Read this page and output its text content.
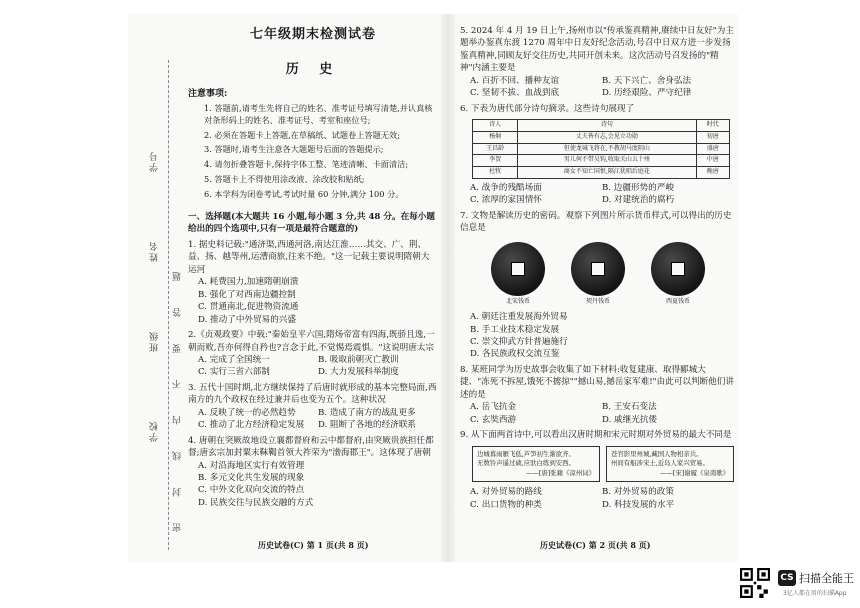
学号
姓名
班级
学校 密 封 线 内 不 要 答 题
七年级期末检测试卷
历 史
注意事项:
1. 答题前,请考生先将自己的姓名、准考证号填写清楚,并认真核对条形码上的姓名、准考证号、考室和座位号;
2. 必须在答题卡上答题,在草稿纸、试题卷上答题无效;
3. 答题时,请考生注意各大题题号后面的答题提示;
4. 请勿折叠答题卡,保持字体工整、笔迹清晰、卡面清洁;
5. 答题卡上不得使用涂改液、涂改胶和贴纸;
6. 本学科为闭卷考试,考试时量 60 分钟,满分 100 分。
一、选择题(本大题共 16 小题,每小题 3 分,共 48 分。在每小题给出的四个选项中,只有一项是最符合题意的)
1. 据史料记载:"通济渠,西通河洛,南达江淮……其交、广、荆、益、扬、越等州,运漕商旅,往来不绝。"这一记载主要说明隋朝大运河
A. 耗费国力,加速隋朝崩溃
B. 强化了对西南边疆控制
C. 贯通南北,促进物资流通
D. 推动了中外贸易的兴盛
2.《贞观政要》中载:"秦始皇平六国,隋炀帝富有四海,既骄且逸,一朝而败,吾亦何得自矜也?言念于此,不觉惕焉震惧。"这说明唐太宗
A. 完成了全国统一	B. 吸取前朝灭亡教训
C. 实行三省六部制	D. 大力发展科举制度
3. 五代十国时期,北方继续保持了后唐时就形成的基本完整局面,西南方的九个政权在经过兼并后也变为五个。这种状况
A. 反映了统一的必然趋势	B. 造成了南方的战乱更多
C. 推动了北方经济稳定发展	D. 阻断了各地的经济联系
4. 唐朝在突厥故地设立襄都督府和云中都督府,由突厥贵族担任都督;唐玄宗加封粟末靺鞨首领大祚荣为"渤海郡王"。这体现了唐朝
A. 对沿海地区实行有效管理
B. 多元文化共生发展的现象
C. 中外文化双向交流的特点
D. 民族交往与民族交融的方式
5. 2024 年 4 月 19 日上午,扬州市以"传承鉴真精神,赓续中日友好"为主题举办鉴真东渡 1270 周年中日友好纪念活动,号召中日双方进一步发扬鉴真精神,同顾友好交往历史,共同开创未来。这次活动号召发扬的"精神"内涵主要是
A. 百折不回、播种友谊	B. 天下兴亡、舍身弘法
C. 坚韧不拔、血战到底	D. 历经艰险、严守纪律
6. 下表为唐代部分诗句摘录。这些诗句展现了
诗人	诗句	时代
杨炯	丈夫皆有志,会见立功勋	初唐
王昌龄	但使龙城飞将在,不教胡马度阴山	盛唐
李贺	男儿何不带吴钩,收取关山五十州	中唐
杜牧	商女不知亡国恨,隔江犹唱后庭花	晚唐
A. 战争的残酷场面	B. 边疆形势的严峻
C. 浓厚的家国情怀	D. 对建统治的腐朽
7. 文物是解读历史的密码。观察下列图片所示货币样式,可以得出的历史信息是
北宋钱币	契丹钱币	西夏钱币
A. 朝廷注重发展海外贸易
B. 手工业技术稳定发展
C. 崇文抑武方针普遍施行
D. 各民族政权交流互鉴
8. 某班同学为历史故事会收集了如下材料:收复建康、取得郾城大捷、"冻死不拆屋,饿死不掳掠""撼山易,撼岳家军难!"由此可以判断他们讲述的是
A. 岳飞抗金	B. 王安石变法
C. 玄奘西游	D. 戚继光抗倭
9. 从下面两首诗中,可以看出汉唐时期和宋元时期对外贸易的最大不同是

边城暮雨雁飞低,芦笋初生渐欲齐。

无数铃声遥过碛,应驮白练到安西。

——[唐]张籍《凉州词》

苍官影里州城,藏国人物相亲共。

州间有船涉宋土,近岛人家兴贸易。

——[宋]谢履《泉南歌》

A. 对外贸易的路线	B. 对外贸易的政策
C. 出口货物的种类	D. 科技发展的水平
历史试卷(C) 第 1 页(共 8 页)	历史试卷(C) 第 2 页(共 8 页)
CS 扫描全能王
3亿人都在用的扫描App
